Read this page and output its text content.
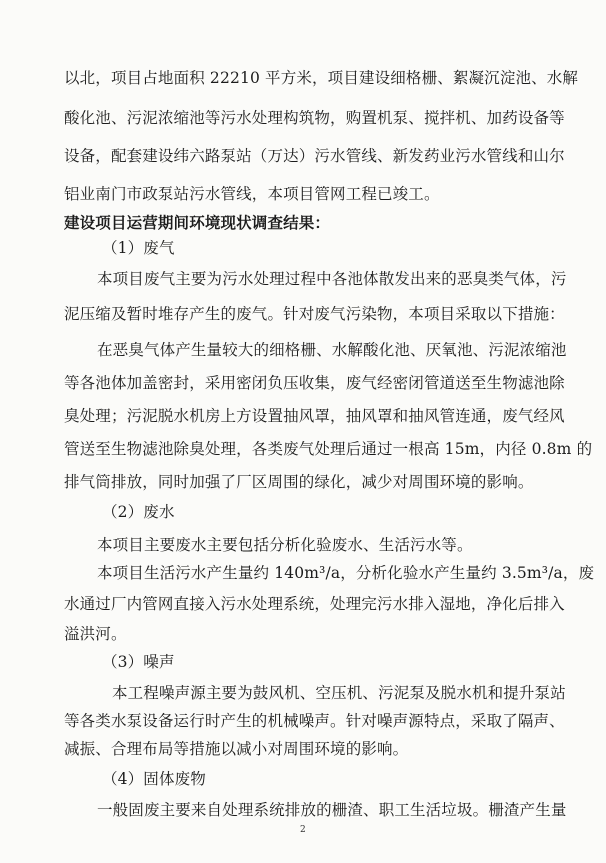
以北，项目占地面积 22210 平方米，项目建设细格栅、絮凝沉淀池、水解
酸化池、污泥浓缩池等污水处理构筑物，购置机泵、搅拌机、加药设备等
设备，配套建设纬六路泵站（万达）污水管线、新发药业污水管线和山尔
铝业南门市政泵站污水管线，本项目管网工程已竣工。
建设项目运营期间环境现状调查结果：
（1）废气
本项目废气主要为污水处理过程中各池体散发出来的恶臭类气体，污
泥压缩及暂时堆存产生的废气。针对废气污染物，本项目采取以下措施：
在恶臭气体产生量较大的细格栅、水解酸化池、厌氧池、污泥浓缩池
等各池体加盖密封，采用密闭负压收集，废气经密闭管道送至生物滤池除
臭处理；污泥脱水机房上方设置抽风罩，抽风罩和抽风管连通，废气经风
管送至生物滤池除臭处理，各类废气处理后通过一根高 15m，内径 0.8m 的
排气筒排放，同时加强了厂区周围的绿化，减少对周围环境的影响。
（2）废水
本项目主要废水主要包括分析化验废水、生活污水等。
本项目生活污水产生量约 140m³/a，分析化验水产生量约 3.5m³/a，废
水通过厂内管网直接入污水处理系统，处理完污水排入湿地，净化后排入
溢洪河。
（3）噪声
本工程噪声源主要为鼓风机、空压机、污泥泵及脱水机和提升泵站
等各类水泵设备运行时产生的机械噪声。针对噪声源特点，采取了隔声、
减振、合理布局等措施以减小对周围环境的影响。
（4）固体废物
一般固废主要来自处理系统排放的栅渣、职工生活垃圾。栅渣产生量
2
